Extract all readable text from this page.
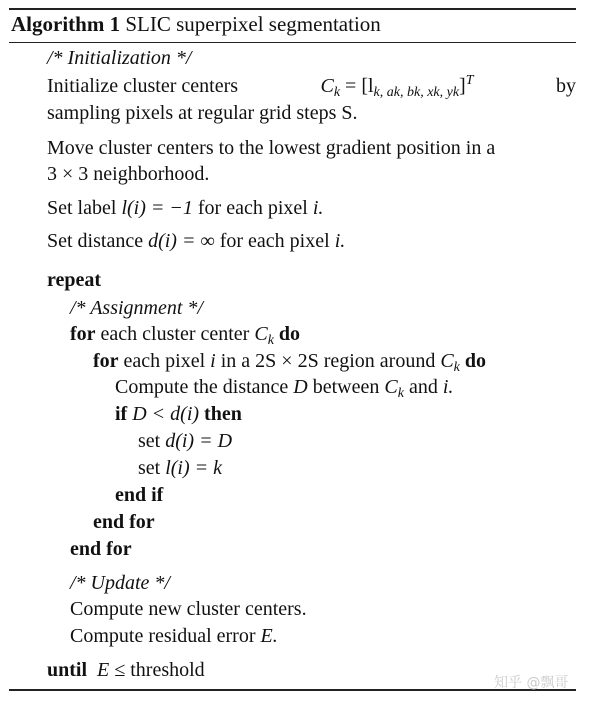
Algorithm 1 SLIC superpixel segmentation
/* Initialization */
Initialize cluster centers	$C_k = [l_{k, ak, bk, xk, yk}]^T$	by
sampling pixels at regular grid steps S.
Move cluster centers to the lowest gradient position in a
3 × 3 neighborhood.
Set label l(i) = −1 for each pixel i.
Set distance d(i) = ∞ for each pixel i.
repeat
/* Assignment */
for each cluster center $C_k$ do
for each pixel i in a 2S × 2S region around $C_k$ do
Compute the distance D between $C_k$ and i.
if D < d(i) then
set d(i) = D
set l(i) = k
end if
end for
end for
/* Update */
Compute new cluster centers.
Compute residual error E.
until E ≤ threshold
知乎 @飘哥
